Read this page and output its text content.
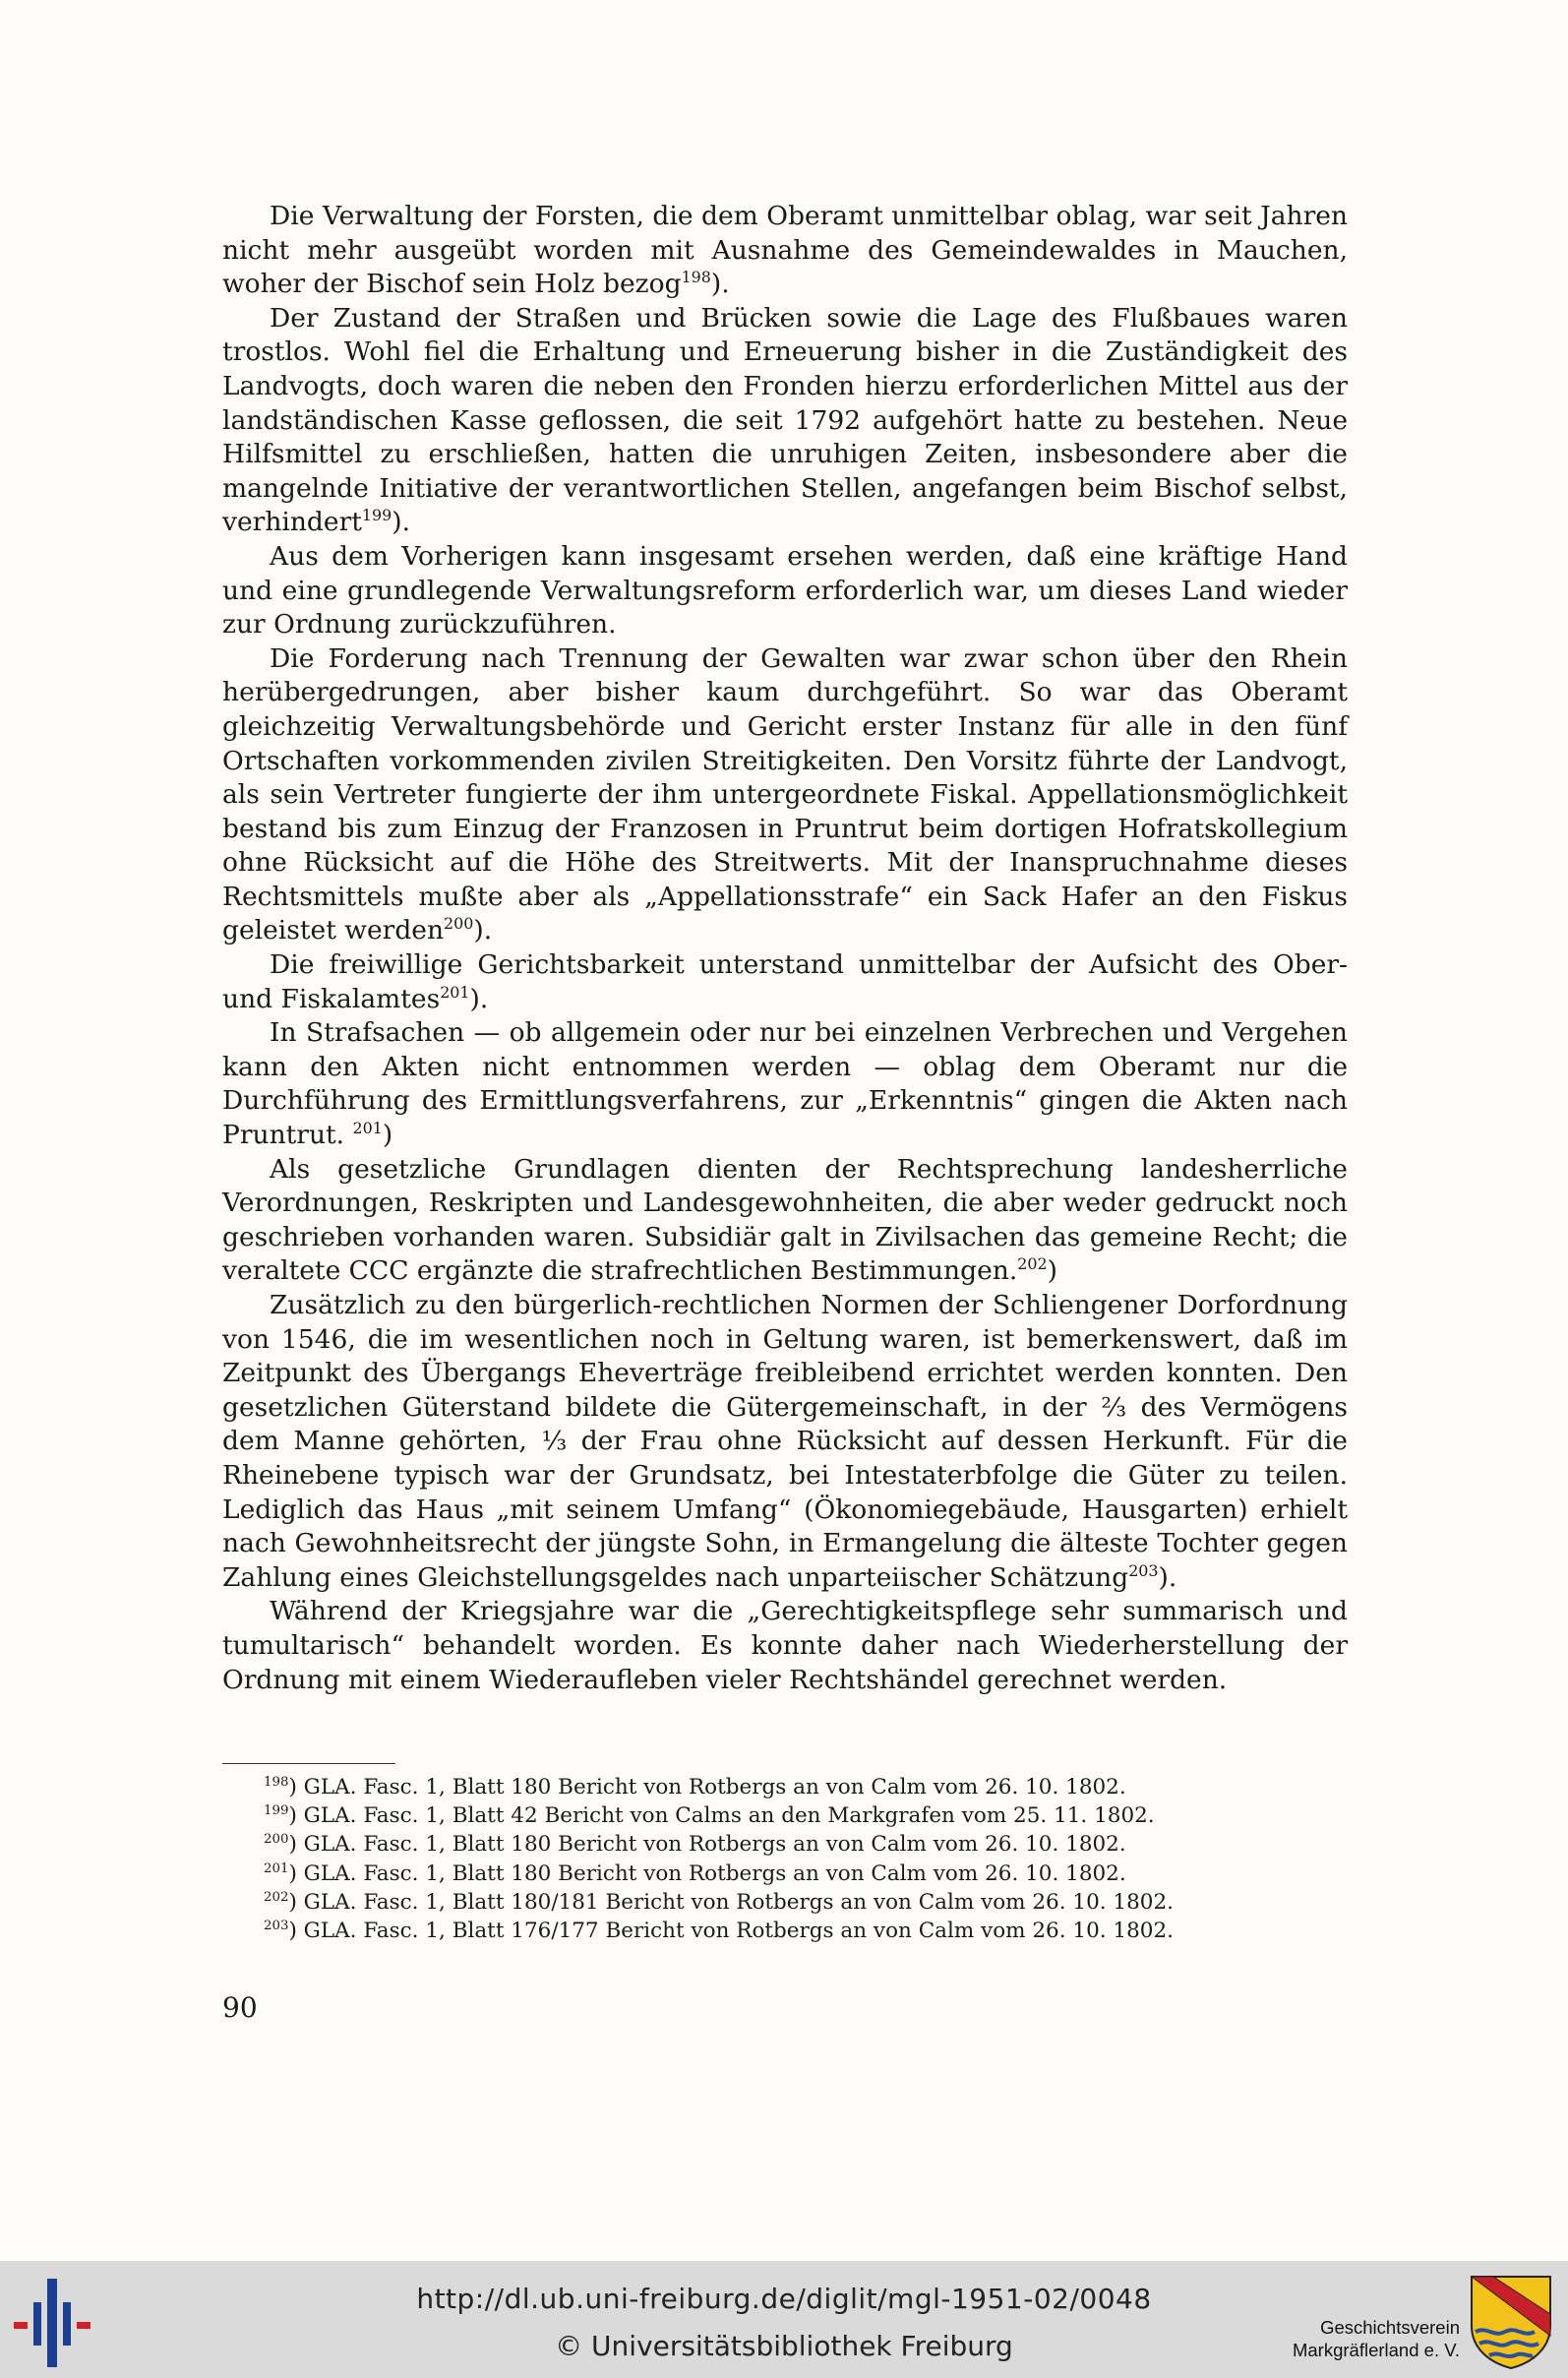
Die Verwaltung der Forsten, die dem Oberamt unmittelbar oblag, war seit Jahren nicht mehr ausgeübt worden mit Ausnahme des Gemeindewaldes in Mauchen, woher der Bischof sein Holz bezog$^{198}$).

Der Zustand der Straßen und Brücken sowie die Lage des Flußbaues waren trostlos. Wohl fiel die Erhaltung und Erneuerung bisher in die Zuständigkeit des Landvogts, doch waren die neben den Fronden hierzu erforderlichen Mittel aus der landständischen Kasse geflossen, die seit 1792 aufgehört hatte zu bestehen. Neue Hilfsmittel zu erschließen, hatten die unruhigen Zeiten, insbesondere aber die mangelnde Initiative der verantwortlichen Stellen, angefangen beim Bischof selbst, verhindert$^{199}$).

Aus dem Vorherigen kann insgesamt ersehen werden, daß eine kräftige Hand und eine grundlegende Verwaltungsreform erforderlich war, um dieses Land wieder zur Ordnung zurückzuführen.

Die Forderung nach Trennung der Gewalten war zwar schon über den Rhein herübergedrungen, aber bisher kaum durchgeführt. So war das Oberamt gleichzeitig Verwaltungsbehörde und Gericht erster Instanz für alle in den fünf Ortschaften vorkommenden zivilen Streitigkeiten. Den Vorsitz führte der Landvogt, als sein Vertreter fungierte der ihm untergeordnete Fiskal. Appellationsmöglichkeit bestand bis zum Einzug der Franzosen in Pruntrut beim dortigen Hofratskollegium ohne Rücksicht auf die Höhe des Streitwerts. Mit der Inanspruchnahme dieses Rechtsmittels mußte aber als „Appellationsstrafe“ ein Sack Hafer an den Fiskus geleistet werden$^{200}$).

Die freiwillige Gerichtsbarkeit unterstand unmittelbar der Aufsicht des Ober- und Fiskalamtes$^{201}$).

In Strafsachen — ob allgemein oder nur bei einzelnen Verbrechen und Vergehen kann den Akten nicht entnommen werden — oblag dem Oberamt nur die Durchführung des Ermittlungsverfahrens, zur „Erkenntnis“ gingen die Akten nach Pruntrut. $^{201}$)

Als gesetzliche Grundlagen dienten der Rechtsprechung landesherrliche Verordnungen, Reskripten und Landesgewohnheiten, die aber weder gedruckt noch geschrieben vorhanden waren. Subsidiär galt in Zivilsachen das gemeine Recht; die veraltete CCC ergänzte die strafrechtlichen Bestimmungen.$^{202}$)

Zusätzlich zu den bürgerlich-rechtlichen Normen der Schliengener Dorfordnung von 1546, die im wesentlichen noch in Geltung waren, ist bemerkenswert, daß im Zeitpunkt des Übergangs Eheverträge freibleibend errichtet werden konnten. Den gesetzlichen Güterstand bildete die Gütergemeinschaft, in der ⅔ des Vermögens dem Manne gehörten, ⅓ der Frau ohne Rücksicht auf dessen Herkunft. Für die Rheinebene typisch war der Grundsatz, bei Intestaterbfolge die Güter zu teilen. Lediglich das Haus „mit seinem Umfang“ (Ökonomiegebäude, Hausgarten) erhielt nach Gewohnheitsrecht der jüngste Sohn, in Ermangelung die älteste Tochter gegen Zahlung eines Gleichstellungsgeldes nach unparteiischer Schätzung$^{203}$).

Während der Kriegsjahre war die „Gerechtigkeitspflege sehr summarisch und tumultarisch“ behandelt worden. Es konnte daher nach Wiederherstellung der Ordnung mit einem Wiederaufleben vieler Rechtshändel gerechnet werden.

$^{198}$) GLA. Fasc. 1, Blatt 180 Bericht von Rotbergs an von Calm vom 26. 10. 1802.
$^{199}$) GLA. Fasc. 1, Blatt 42 Bericht von Calms an den Markgrafen vom 25. 11. 1802.
$^{200}$) GLA. Fasc. 1, Blatt 180 Bericht von Rotbergs an von Calm vom 26. 10. 1802.
$^{201}$) GLA. Fasc. 1, Blatt 180 Bericht von Rotbergs an von Calm vom 26. 10. 1802.
$^{202}$) GLA. Fasc. 1, Blatt 180/181 Bericht von Rotbergs an von Calm vom 26. 10. 1802.
$^{203}$) GLA. Fasc. 1, Blatt 176/177 Bericht von Rotbergs an von Calm vom 26. 10. 1802.
90
http://dl.ub.uni-freiburg.de/diglit/mgl-1951-02/0048
© Universitätsbibliothek Freiburg
Geschichtsverein
Markgräflerland e. V.
